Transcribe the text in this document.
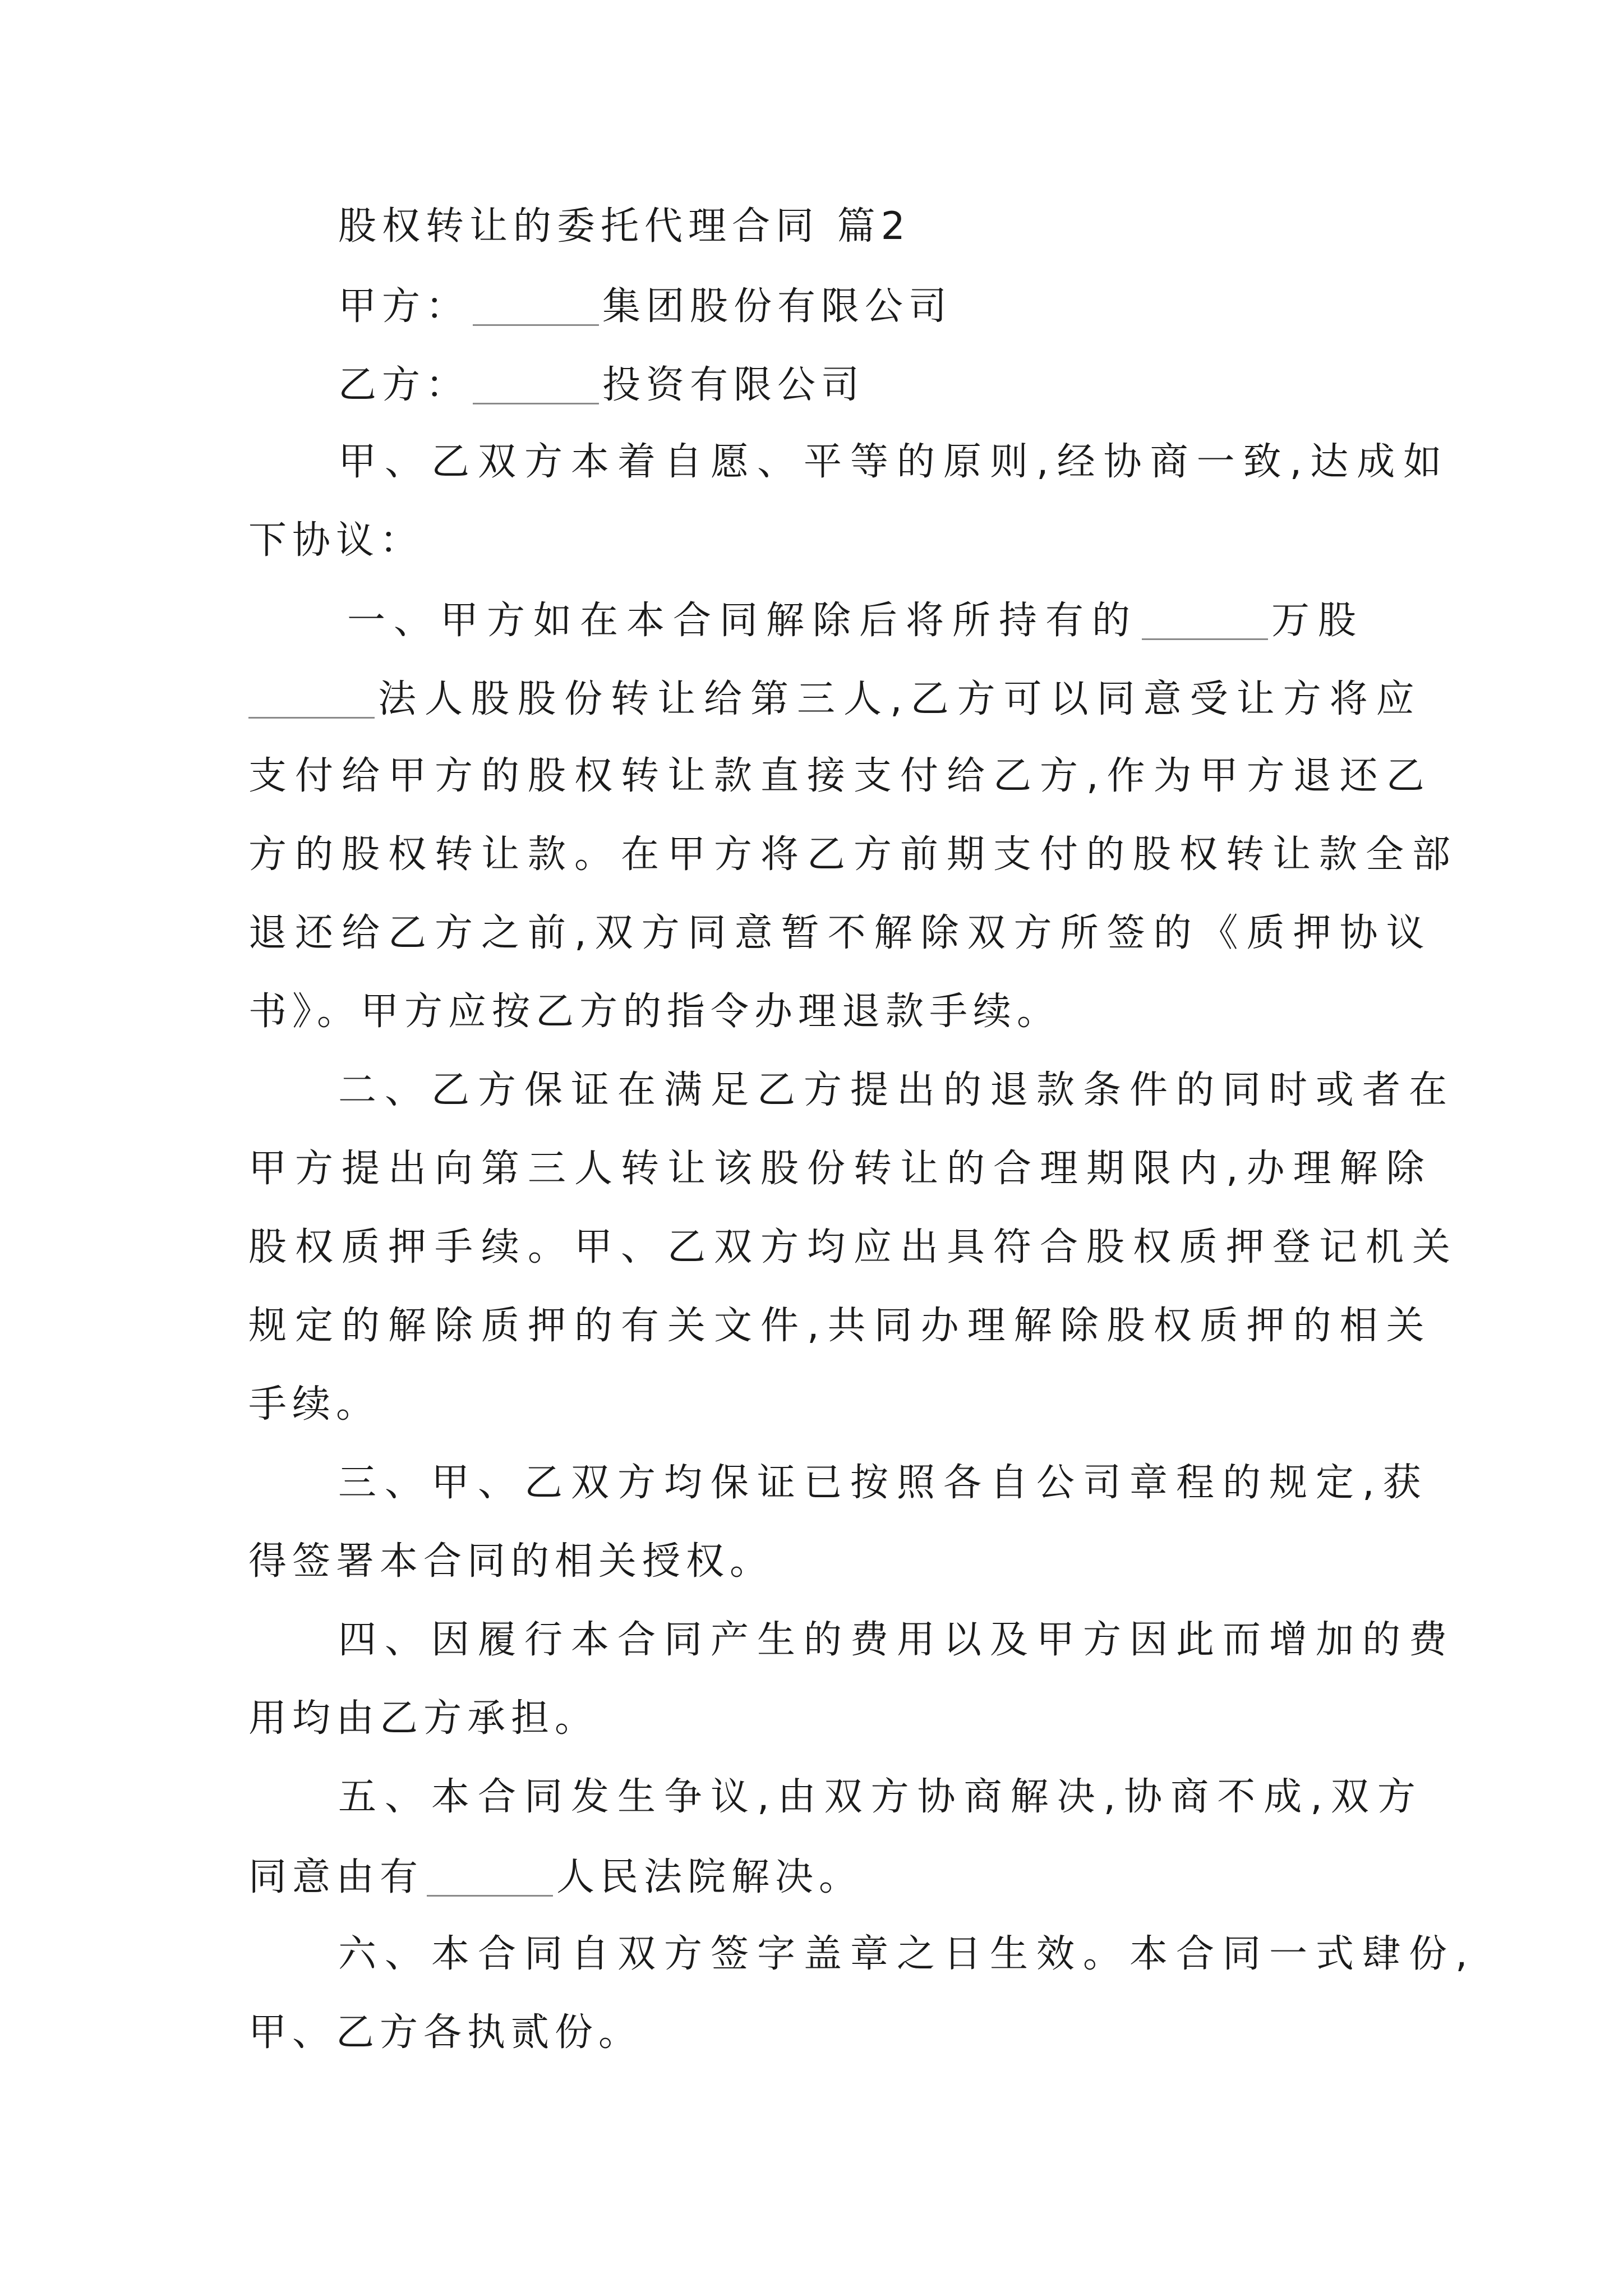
股权转让的委托代理合同 篇2
甲方：	集团股份有限公司
乙方：	投资有限公司
甲、乙双方本着自愿、平等的原则,经协商一致,达成如
下协议：
一、甲方如在本合同解除后将所持有的	万股
法人股股份转让给第三人,乙方可以同意受让方将应
支付给甲方的股权转让款直接支付给乙方,作为甲方退还乙
方的股权转让款。在甲方将乙方前期支付的股权转让款全部
退还给乙方之前,双方同意暂不解除双方所签的《质押协议
书》。甲方应按乙方的指令办理退款手续。
二、乙方保证在满足乙方提出的退款条件的同时或者在
甲方提出向第三人转让该股份转让的合理期限内,办理解除
股权质押手续。甲、乙双方均应出具符合股权质押登记机关
规定的解除质押的有关文件,共同办理解除股权质押的相关
手续。
三、甲、乙双方均保证已按照各自公司章程的规定,获
得签署本合同的相关授权。
四、因履行本合同产生的费用以及甲方因此而增加的费
用均由乙方承担。
五、本合同发生争议,由双方协商解决,协商不成,双方
同意由有	人民法院解决。
六、本合同自双方签字盖章之日生效。本合同一式肆份,
甲、乙方各执贰份。
